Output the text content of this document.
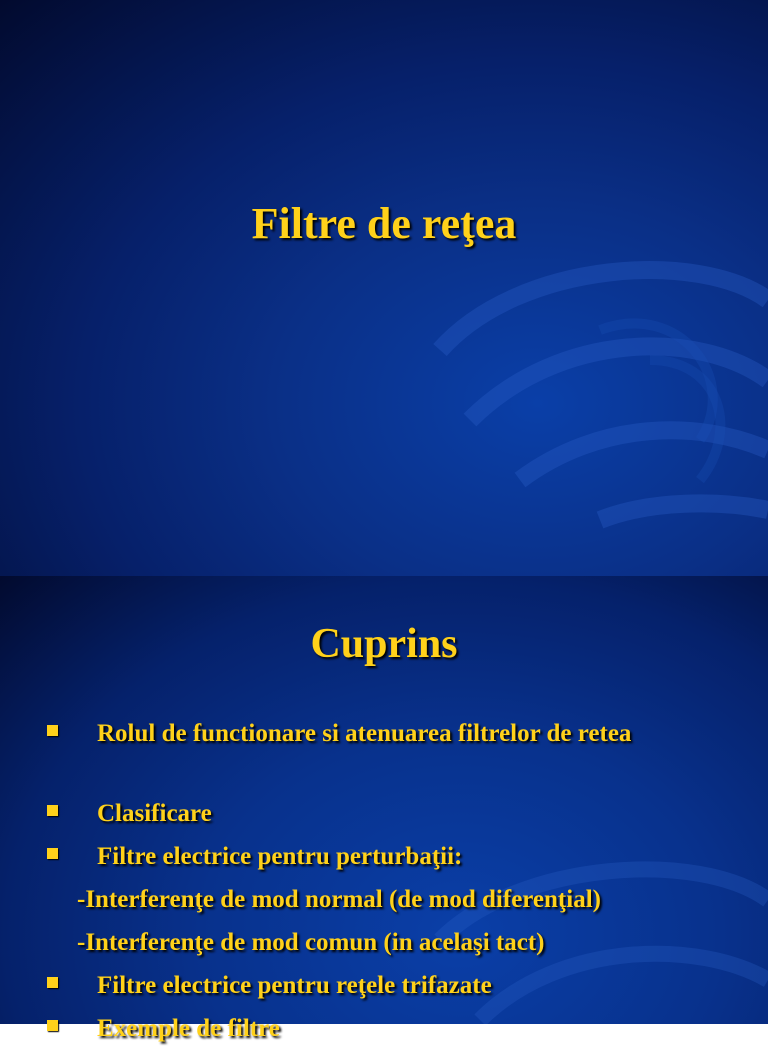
Filtre de reţea
Cuprins
Rolul de functionare si atenuarea filtrelor de retea
Clasificare
Filtre electrice pentru perturbaţii:
-Interferenţe de mod normal (de mod diferenţial)
-Interferenţe de mod comun (in acelaşi tact)
Filtre electrice pentru reţele trifazate
Exemple de filtre
